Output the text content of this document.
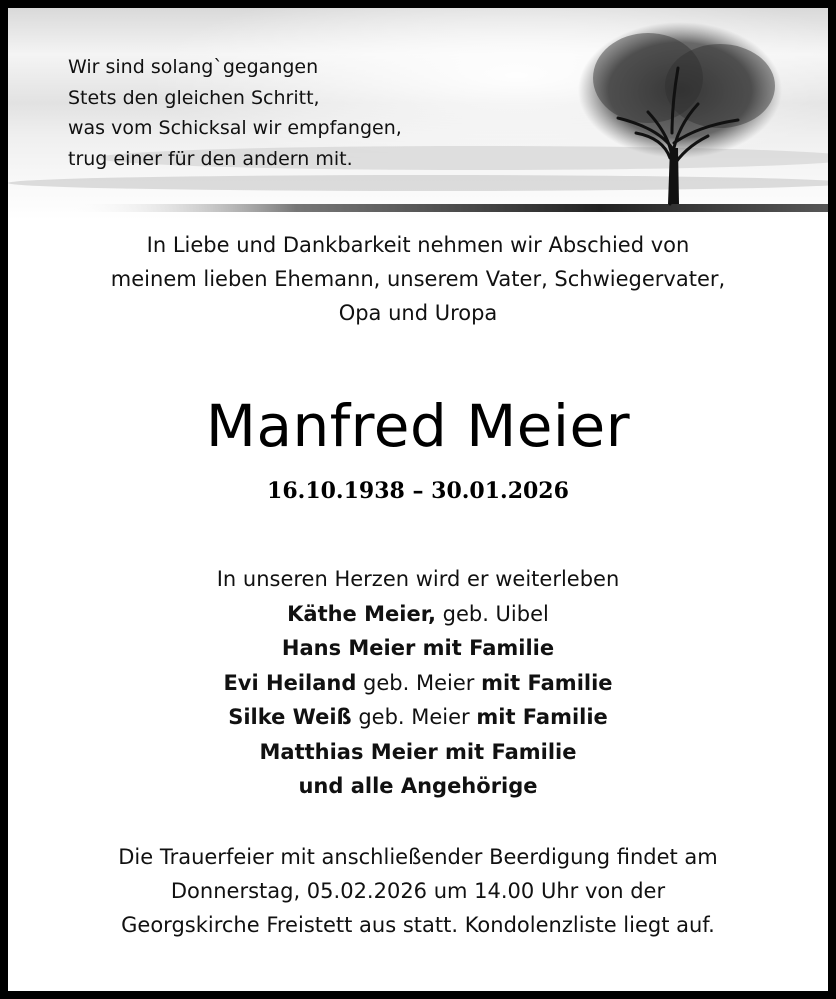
Wir sind solang`gegangen
Stets den gleichen Schritt,
was vom Schicksal wir empfangen,
trug einer für den andern mit.
In Liebe und Dankbarkeit nehmen wir Abschied von
meinem lieben Ehemann, unserem Vater, Schwiegervater,
Opa und Uropa
Manfred Meier
16.10.1938 – 30.01.2026
In unseren Herzen wird er weiterleben
Käthe Meier, geb. Uibel
Hans Meier mit Familie
Evi Heiland geb. Meier mit Familie
Silke Weiß geb. Meier mit Familie
Matthias Meier mit Familie
und alle Angehörige
Die Trauerfeier mit anschließender Beerdigung findet am
Donnerstag, 05.02.2026 um 14.00 Uhr von der
Georgskirche Freistett aus statt. Kondolenzliste liegt auf.
